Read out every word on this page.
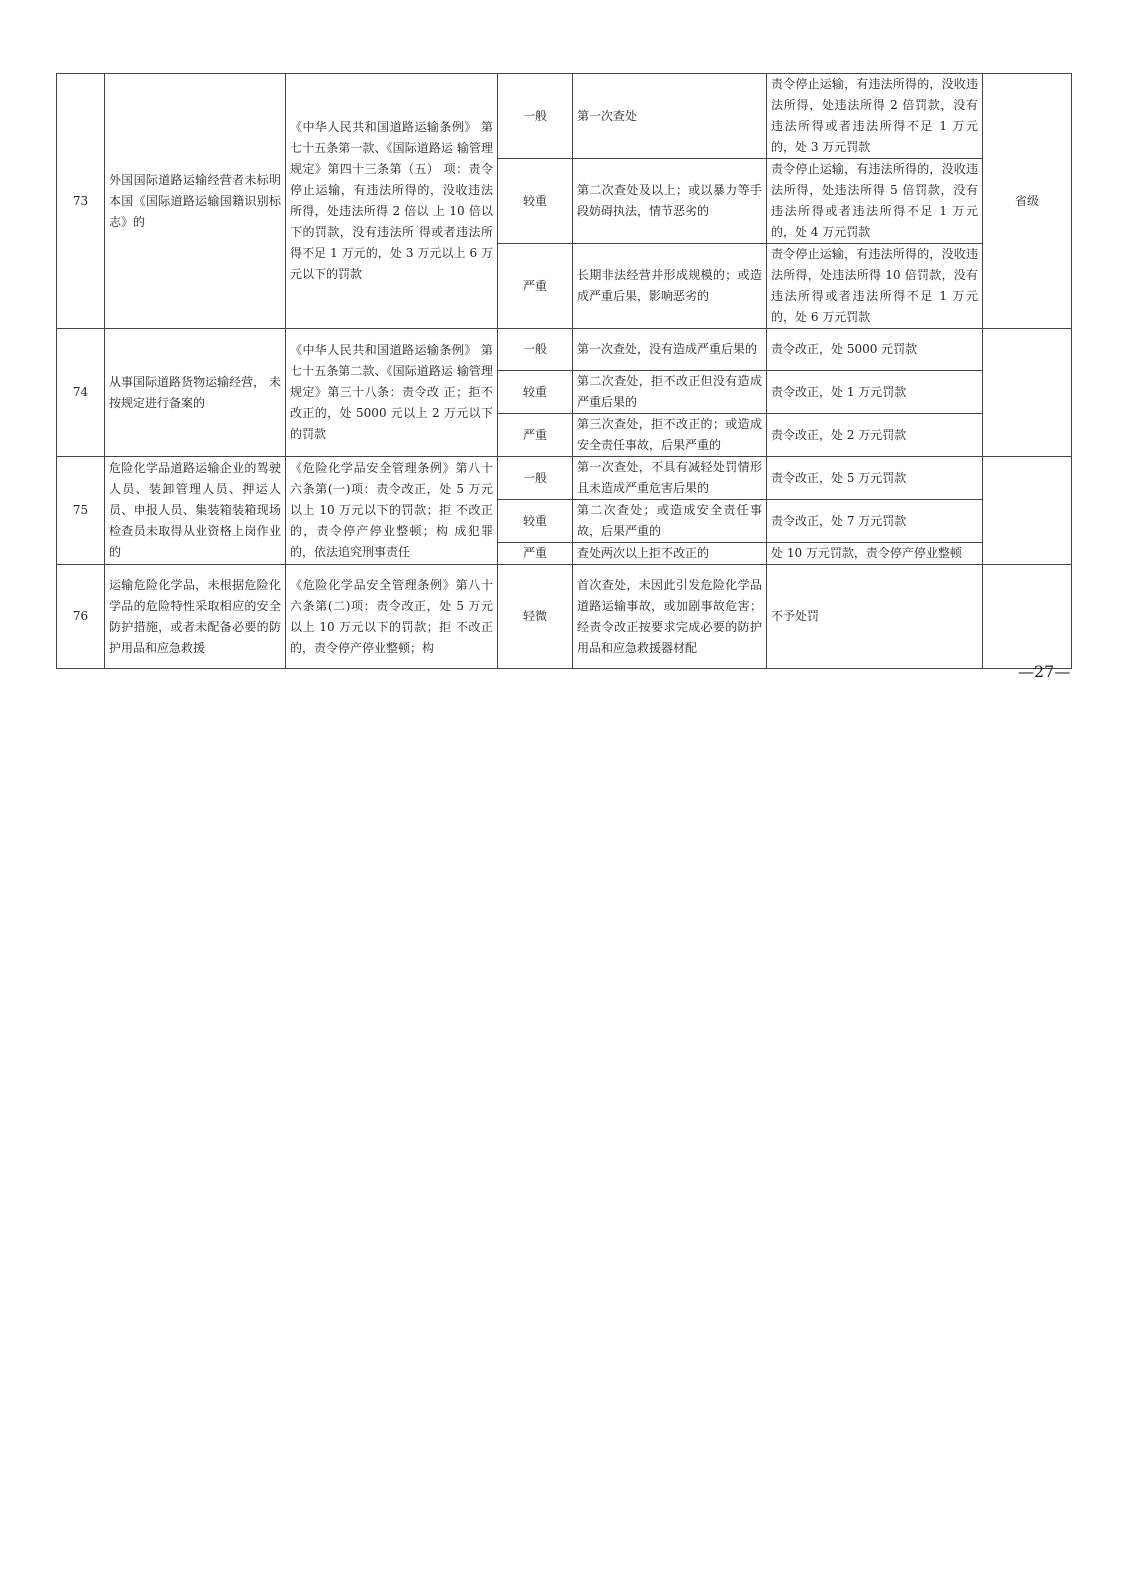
73	外国国际道路运输经营者未标明本国《国际道路运输国籍识别标志》的	《中华人民共和国道路运输条例》 第七十五条第一款、《国际道路运 输管理规定》第四十三条第（五） 项：责令停止运输，有违法所得的，没收违法所得，处违法所得 2 倍以 上 10 倍以下的罚款，没有违法所 得或者违法所得不足 1 万元的，处 3 万元以上 6 万元以下的罚款	一般	第一次查处	责令停止运输，有违法所得的，没收违法所得，处违法所得 2 倍罚款，没有违法所得或者违法所得不足 1 万元的，处 3 万元罚款	省级
			较重	第二次查处及以上；或以暴力等手段妨碍执法，情节恶劣的	责令停止运输，有违法所得的，没收违法所得，处违法所得 5 倍罚款，没有违法所得或者违法所得不足 1 万元的，处 4 万元罚款	
			严重	长期非法经营并形成规模的；或造成严重后果，影响恶劣的	责令停止运输，有违法所得的，没收违法所得，处违法所得 10 倍罚款，没有违法所得或者违法所得不足 1 万元的，处 6 万元罚款	
74	从事国际道路货物运输经营， 未按规定进行备案的	《中华人民共和国道路运输条例》 第七十五条第二款、《国际道路运 输管理规定》第三十八条：责令改 正；拒不改正的，处 5000 元以上 2 万元以下的罚款	一般	第一次查处，没有造成严重后果的	责令改正，处 5000 元罚款	
			较重	第二次查处，拒不改正但没有造成严重后果的	责令改正，处 1 万元罚款	
			严重	第三次查处，拒不改正的；或造成安全责任事故，后果严重的	责令改正，处 2 万元罚款	
75	危险化学品道路运输企业的驾驶人员、装卸管理人员、押运人员、申报人员、集装箱装箱现场检查员未取得从业资格上岗作业的	《危险化学品安全管理条例》第八十六条第(一)项：责令改正，处 5 万元以上 10 万元以下的罚款；拒 不改正的，责令停产停业整顿；构 成犯罪的，依法追究刑事责任	一般	第一次查处，不具有减轻处罚情形且未造成严重危害后果的	责令改正，处 5 万元罚款	
			较重	第二次查处；或造成安全责任事故，后果严重的	责令改正，处 7 万元罚款	
			严重	查处两次以上拒不改正的	处 10 万元罚款，责令停产停业整顿	
76	运输危险化学品，未根据危险化学品的危险特性采取相应的安全防护措施，或者未配备必要的防护用品和应急救援	《危险化学品安全管理条例》第八十六条第(二)项：责令改正，处 5 万元以上 10 万元以下的罚款；拒 不改正的，责令停产停业整顿；构	轻微	首次查处，未因此引发危险化学品道路运输事故，或加剧事故危害；经责令改正按要求完成必要的防护用品和应急救援器材配	不予处罚	
—27—
